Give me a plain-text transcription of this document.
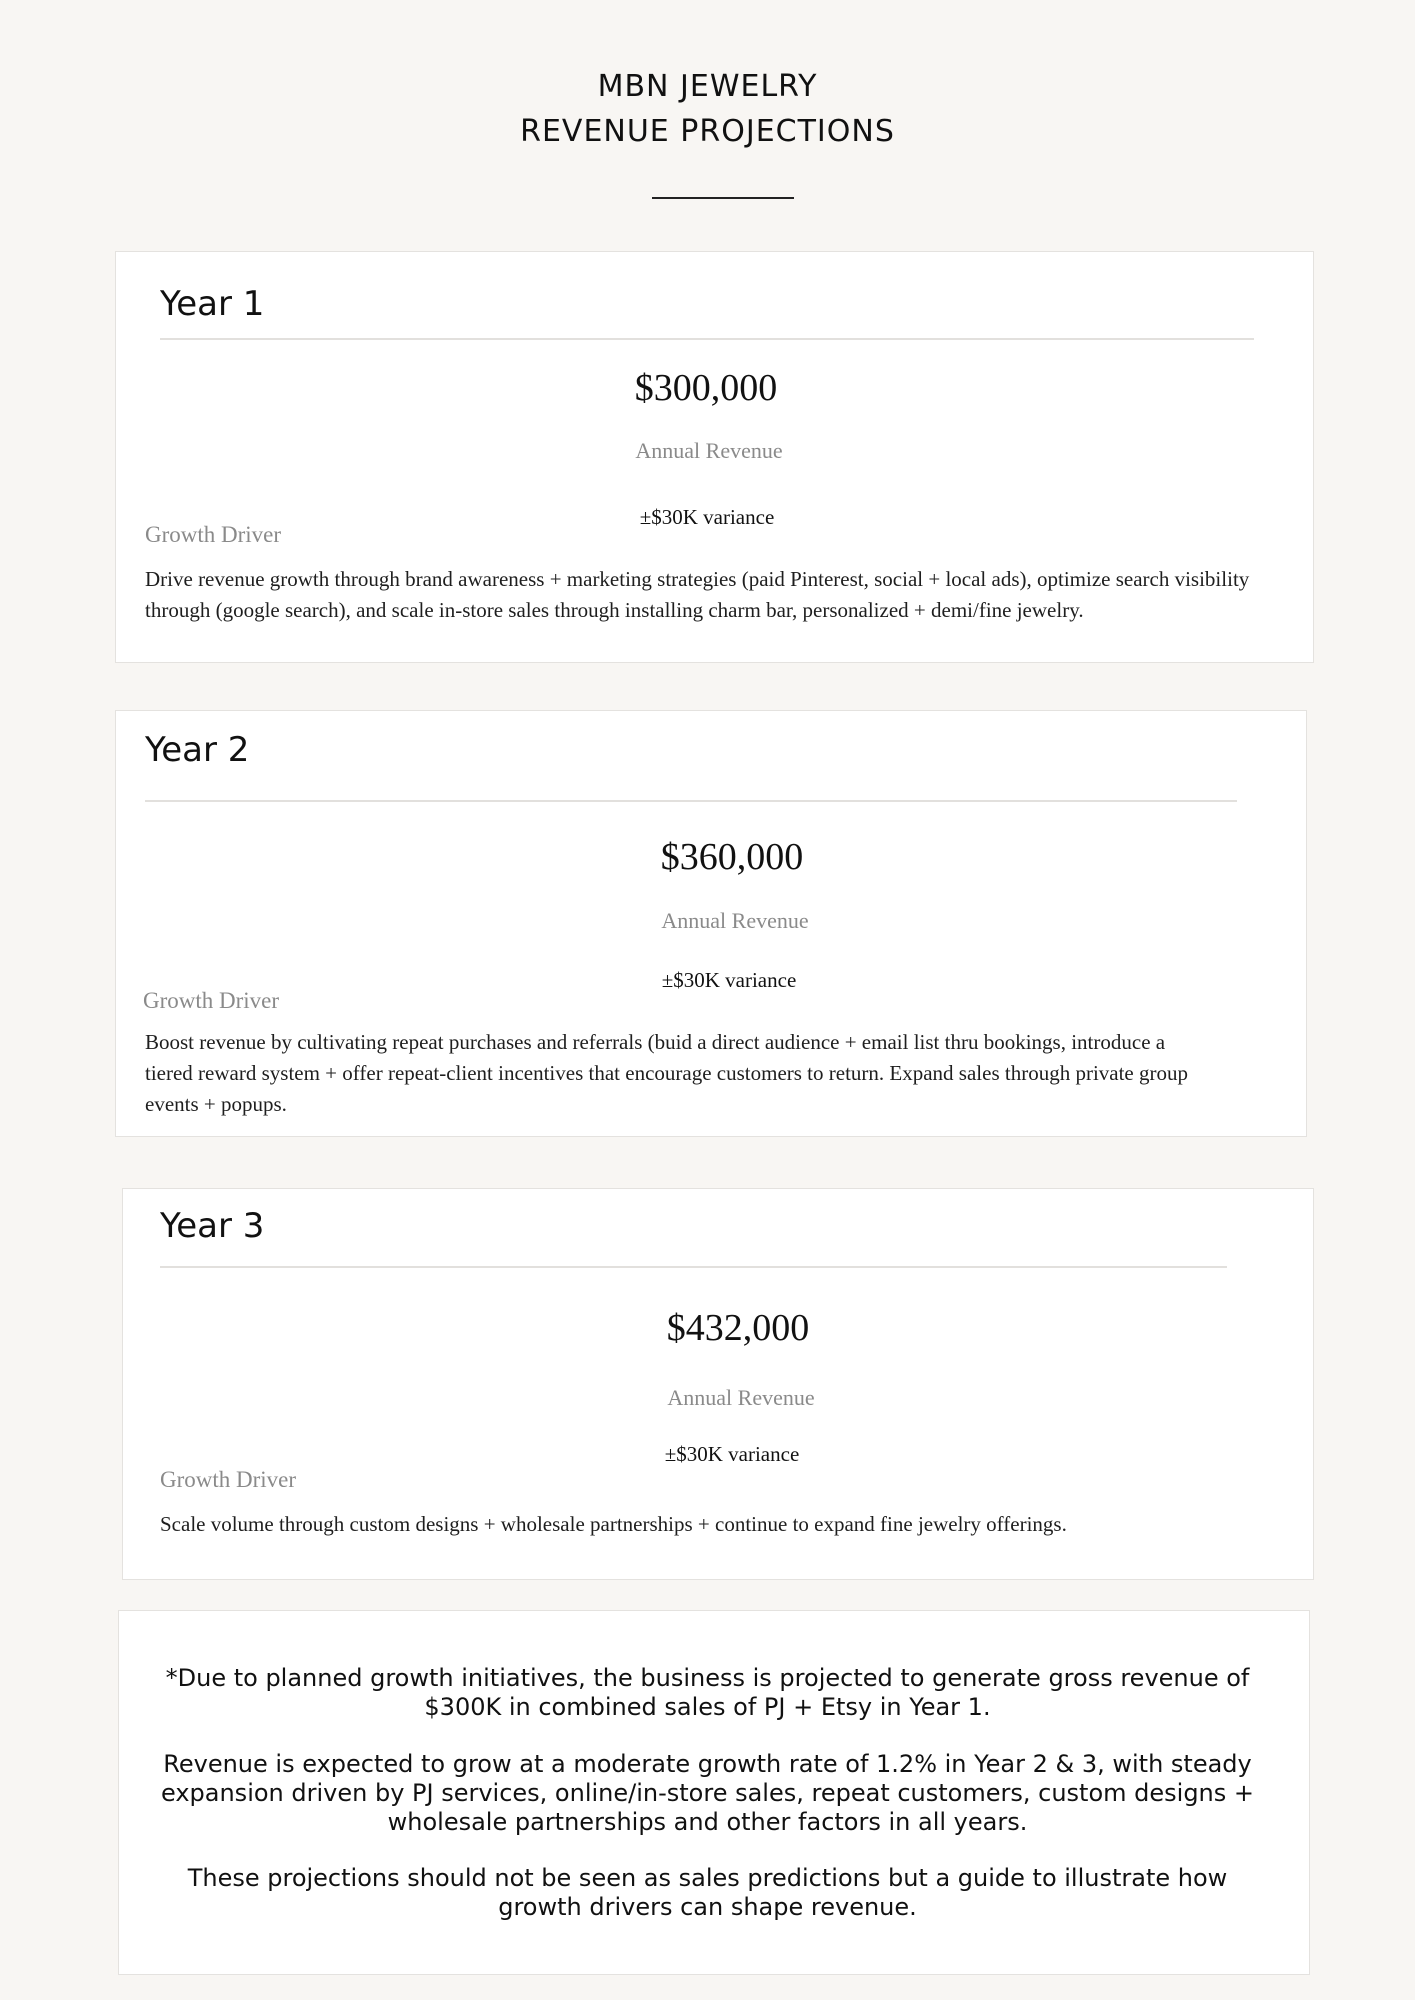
MBN JEWELRY
REVENUE PROJECTIONS
Year 1
$300,000
Annual Revenue
±$30K variance
Growth Driver
Drive revenue growth through brand awareness + marketing strategies (paid Pinterest, social + local ads), optimize search visibility through (google search), and scale in-store sales through installing charm bar, personalized + demi/fine jewelry.
Year 2
$360,000
Annual Revenue
±$30K variance
Growth Driver
Boost revenue by cultivating repeat purchases and referrals (buid a direct audience + email list thru bookings, introduce a tiered reward system + offer repeat-client incentives that encourage customers to return. Expand sales through private group events + popups.
Year 3
$432,000
Annual Revenue
±$30K variance
Growth Driver
Scale volume through custom designs + wholesale partnerships + continue to expand fine jewelry offerings.
*Due to planned growth initiatives, the business is projected to generate gross revenue of $300K in combined sales of PJ + Etsy in Year 1.
Revenue is expected to grow at a moderate growth rate of 1.2% in Year 2 & 3, with steady expansion driven by PJ services, online/in-store sales, repeat customers, custom designs + wholesale partnerships and other factors in all years.
These projections should not be seen as sales predictions but a guide to illustrate how growth drivers can shape revenue.
